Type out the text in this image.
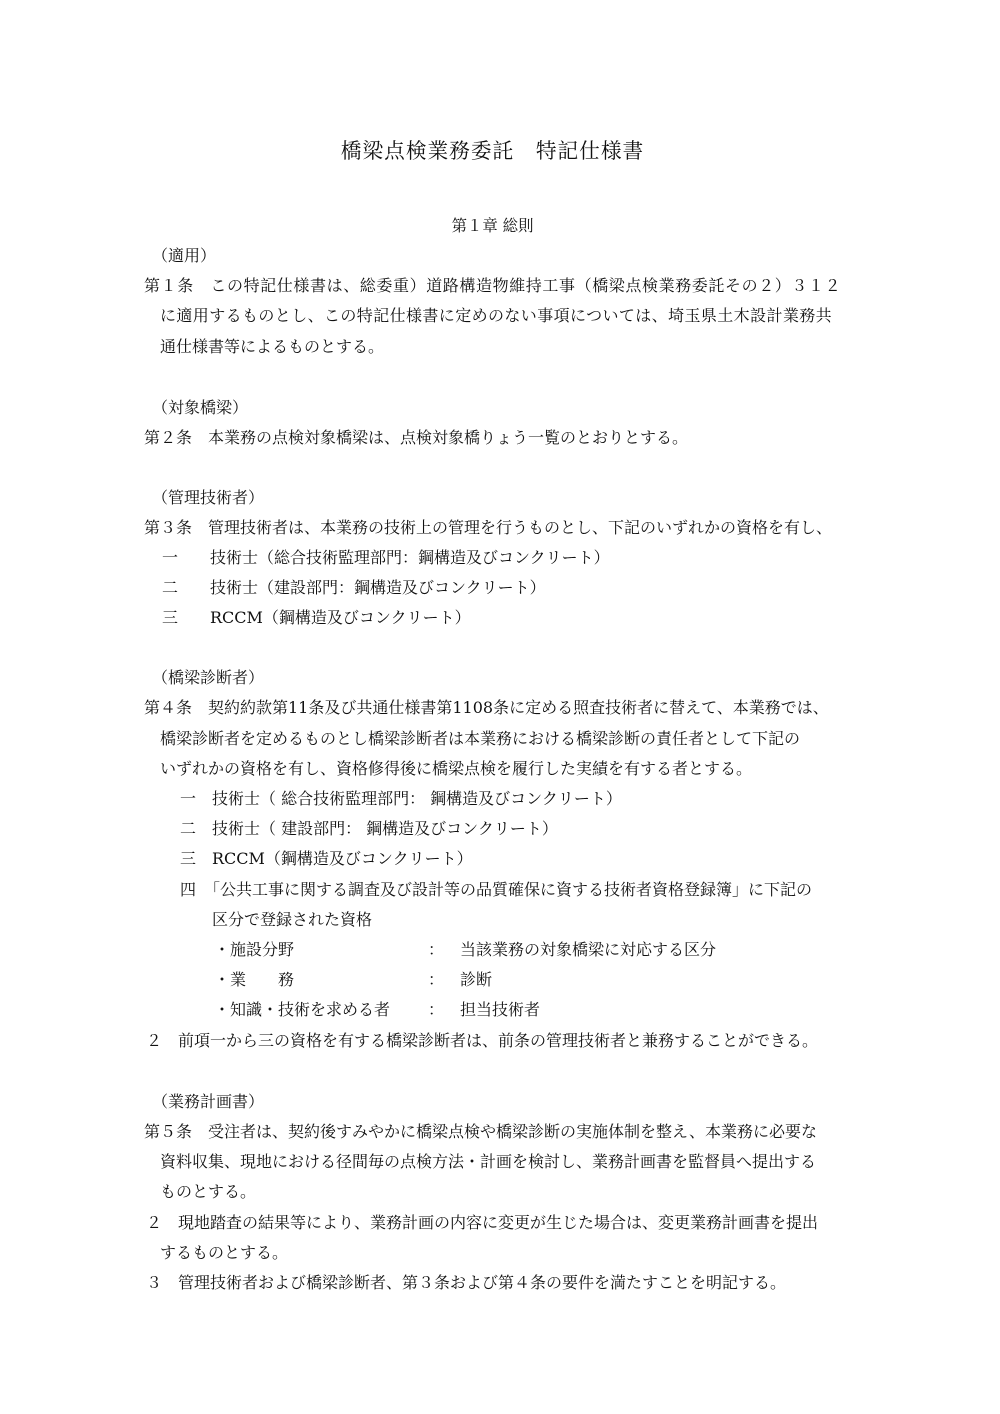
橋梁点検業務委託　特記仕様書
第１章 総則
（適用）
第１条　この特記仕様書は、総委重）道路構造物維持工事（橋梁点検業務委託その２）３１２
に適用するものとし、この特記仕様書に定めのない事項については、埼玉県土木設計業務共
通仕様書等によるものとする。
（対象橋梁）
第２条　本業務の点検対象橋梁は、点検対象橋りょう一覧のとおりとする。
（管理技術者）
第３条　管理技術者は、本業務の技術上の管理を行うものとし、下記のいずれかの資格を有し、
一　　技術士（総合技術監理部門：鋼構造及びコンクリート）
二　　技術士（建設部門：鋼構造及びコンクリート）
三　　RCCM（鋼構造及びコンクリート）
（橋梁診断者）
第４条　契約約款第11条及び共通仕様書第1108条に定める照査技術者に替えて、本業務では、
橋梁診断者を定めるものとし橋梁診断者は本業務における橋梁診断の責任者として下記の
いずれかの資格を有し、資格修得後に橋梁点検を履行した実績を有する者とする。
一　技術士（ 総合技術監理部門： 鋼構造及びコンクリート）
二　技術士（ 建設部門： 鋼構造及びコンクリート）
三　RCCM（鋼構造及びコンクリート）
四　「公共工事に関する調査及び設計等の品質確保に資する技術者資格登録簿」に下記の
区分で登録された資格
・施設分野	： 当該業務の対象橋梁に対応する区分
・業　　務	： 診断
・知識・技術を求める者 ： 担当技術者
２　前項一から三の資格を有する橋梁診断者は、前条の管理技術者と兼務することができる。
（業務計画書）
第５条　受注者は、契約後すみやかに橋梁点検や橋梁診断の実施体制を整え、本業務に必要な
資料収集、現地における径間毎の点検方法・計画を検討し、業務計画書を監督員へ提出する
ものとする。
２　現地踏査の結果等により、業務計画の内容に変更が生じた場合は、変更業務計画書を提出
するものとする。
３　管理技術者および橋梁診断者、第３条および第４条の要件を満たすことを明記する。
